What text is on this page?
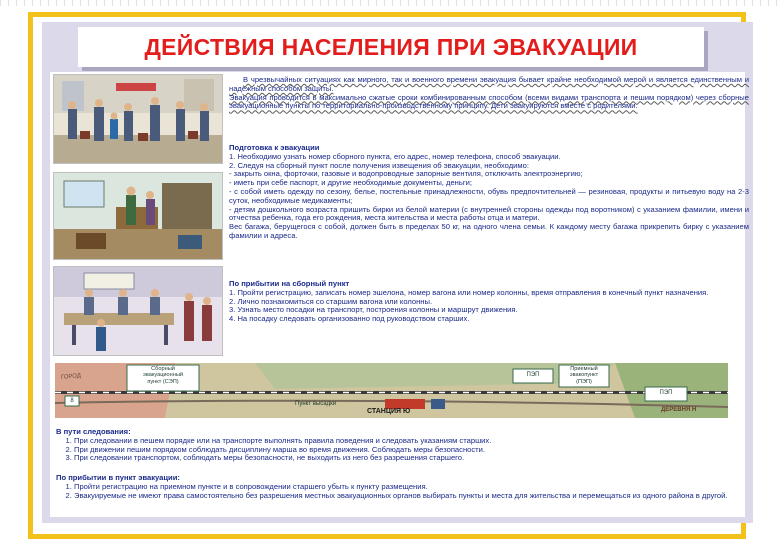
ДЕЙСТВИЯ НАСЕЛЕНИЯ ПРИ ЭВАКУАЦИИ

В чрезвычайных ситуациях как мирного, так и военного времени эвакуация бывает крайне необходимой мерой и является единственным и надежным способом защиты.

Эвакуация проводится в максимально сжатые сроки комбинированным способом (всеми видами транспорта и пешим порядком) через сборные эвакуационные пункты по территориально-производственному принципу. Дети эвакуируются вместе с родителями.

Подготовка к эвакуации

1. Необходимо узнать номер сборного пункта, его адрес, номер телефона, способ эвакуации.

2. Следуя на сборный пункт после получения извещения об эвакуации, необходимо:

- закрыть окна, форточки, газовые и водопроводные запорные вентиля, отключить электроэнергию;

- иметь при себе паспорт, и другие необходимые документы, деньги;

- с собой иметь одежду по сезону, белье, постельные принадлежности, обувь предпочтительней — резиновая, продукты и питьевую воду на 2-3 суток, необходимые медикаменты;

- детям дошкольного возраста пришить бирки из белой материи (с внутренней стороны одежды под воротником) с указанием фамилии, имени и отчества ребенка, года его рождения, места жительства и места работы отца и матери.

Вес багажа, берущегося с собой, должен быть в пределах 50 кг, на одного члена семьи. К каждому месту багажа прикрепить бирку с указанием фамилии и адреса.

По прибытии на сборный пункт

1. Пройти регистрацию, записать номер эшелона, номер вагона или номер колонны, время отправления в конечный пункт назначения.

2. Лично познакомиться со старшим вагона или колонны.

3. Узнать место посадки на транспорт, построения колонны и маршрут движения.

4. На посадку следовать организованно под руководством старших.

ГОРОД
Сборный
эвакуационный
пункт (СЭП)
Приемный
эвакопункт
(ПЭП)
ПЭП
ПЭП
8	Пункт высадки
СТАНЦИЯ Ю	ДЕРЕВНЯ Н

В пути следования:

1. При следовании в пешем порядке или на транспорте выполнять правила поведения и следовать указаниям старших.
2. При движении пешим порядком соблюдать дисциплину марша во время движения. Соблюдать меры безопасности.
3. При следовании транспортом, соблюдать меры безопасности, не выходить из него без разрешения старшего.

По прибытии в пункт эвакуации:

1. Пройти регистрацию на приемном пункте и в сопровождении старшего убыть к пункту размещения.
2. Эвакуируемые не имеют права самостоятельно без разрешения местных эвакуационных органов выбирать пункты и места для жительства и перемещаться из одного района в другой.
